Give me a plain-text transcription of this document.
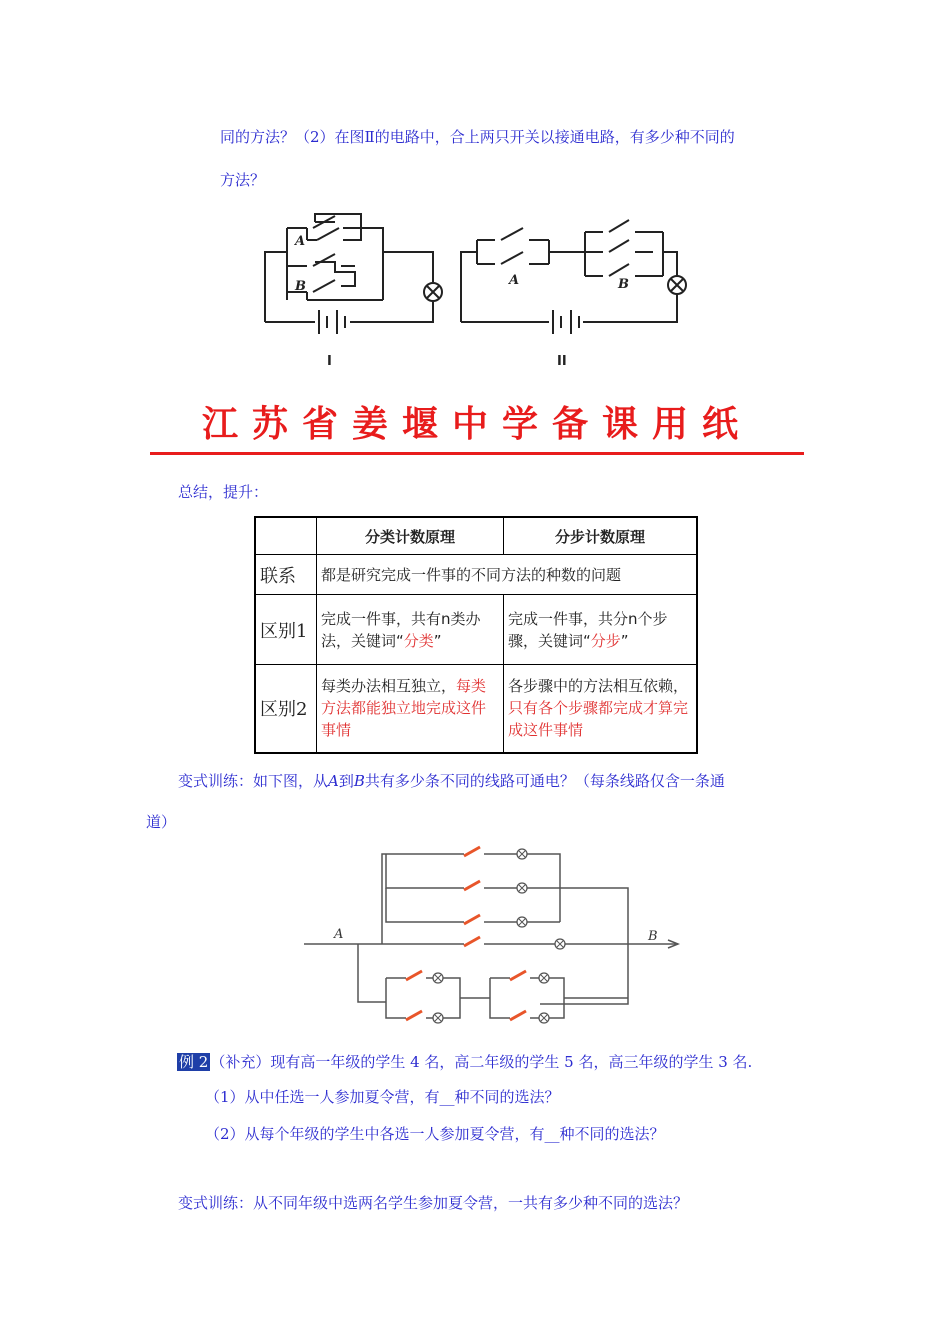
同的方法？（2）在图Ⅱ的电路中，合上两只开关以接通电路，有多少种不同的
方法？
A
B	A	B
I	II
江苏省姜堰中学备课用纸
总结，提升：
	分类计数原理	分步计数原理
联系	都是研究完成一件事的不同方法的种数的问题	
区别1	完成一件事，共有n类办法，关键词“分类”	完成一件事，共分n个步骤，关键词“分步”
区别2	每类办法相互独立，每类方法都能独立地完成这件事情	各步骤中的方法相互依赖，只有各个步骤都完成才算完成这件事情
变式训练：如下图，从A到B共有多少条不同的线路可通电？（每条线路仅含一条通
道）
A	B
例 2 （补充）现有高一年级的学生 4 名，高二年级的学生 5 名，高三年级的学生 3 名.
（1）从中任选一人参加夏令营，有__种不同的选法？
（2）从每个年级的学生中各选一人参加夏令营，有__种不同的选法？
变式训练：从不同年级中选两名学生参加夏令营，一共有多少种不同的选法？
